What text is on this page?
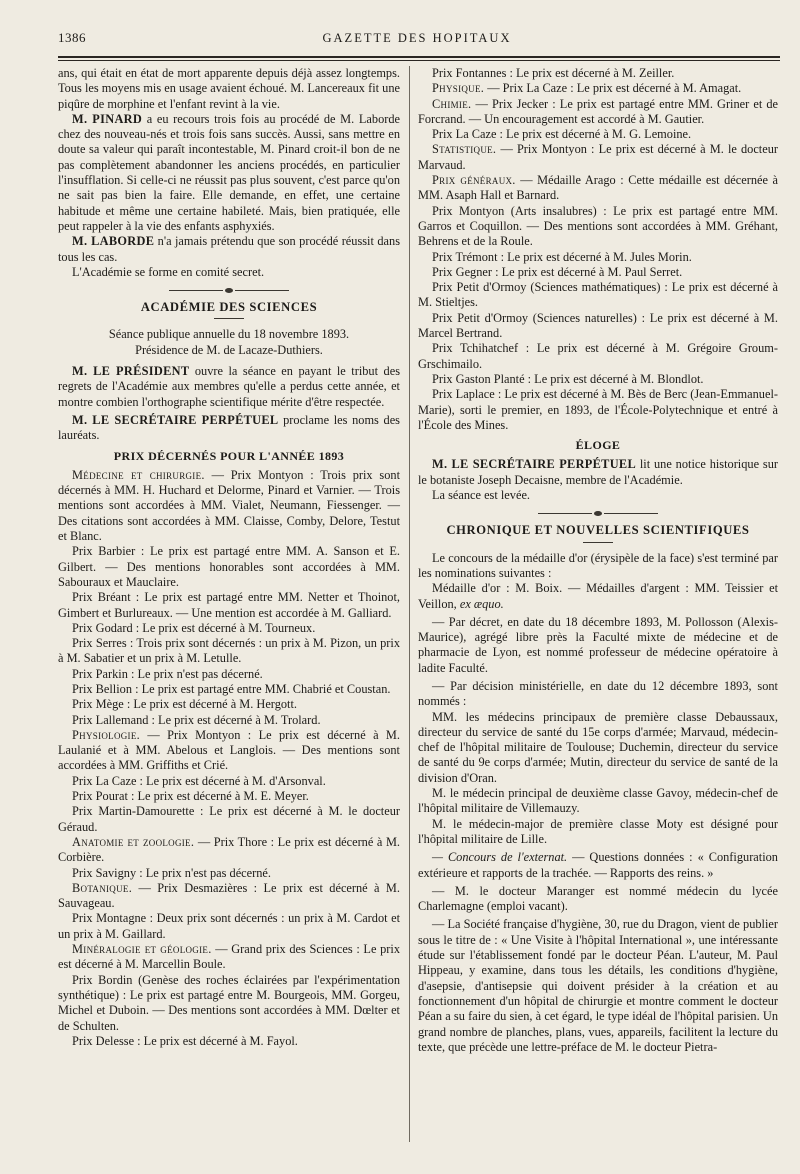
1386	GAZETTE DES HOPITAUX

ans, qui était en état de mort apparente depuis déjà assez longtemps. Tous les moyens mis en usage avaient échoué. M. Lancereaux fit une piqûre de morphine et l'enfant revint à la vie.

M. PINARD a eu recours trois fois au procédé de M. Laborde chez des nouveau-nés et trois fois sans succès. Aussi, sans mettre en doute sa valeur qui paraît incontestable, M. Pinard croit-il bon de ne pas complètement abandonner les anciens procédés, en particulier l'insufflation. Si celle-ci ne réussit pas plus souvent, c'est parce qu'on ne sait pas bien la faire. Elle demande, en effet, une certaine habitude et même une certaine habileté. Mais, bien pratiquée, elle peut rappeler à la vie des enfants asphyxiés.

M. LABORDE n'a jamais prétendu que son procédé réussit dans tous les cas.

L'Académie se forme en comité secret.

ACADÉMIE DES SCIENCES

Séance publique annuelle du 18 novembre 1893.

Présidence de M. de Lacaze-Duthiers.

M. LE PRÉSIDENT ouvre la séance en payant le tribut des regrets de l'Académie aux membres qu'elle a perdus cette année, et montre combien l'orthographe scientifique mérite d'être respectée.

M. LE SECRÉTAIRE PERPÉTUEL proclame les noms des lauréats.

PRIX DÉCERNÉS POUR L'ANNÉE 1893

Médecine et chirurgie. — Prix Montyon : Trois prix sont décernés à MM. H. Huchard et Delorme, Pinard et Varnier. — Trois mentions sont accordées à MM. Vialet, Neumann, Fiessenger. — Des citations sont accordées à MM. Claisse, Comby, Delore, Testut et Blanc.

Prix Barbier : Le prix est partagé entre MM. A. Sanson et E. Gilbert. — Des mentions honorables sont accordées à MM. Sabouraux et Mauclaire.

Prix Bréant : Le prix est partagé entre MM. Netter et Thoinot, Gimbert et Burlureaux. — Une mention est accordée à M. Galliard.

Prix Godard : Le prix est décerné à M. Tourneux.

Prix Serres : Trois prix sont décernés : un prix à M. Pizon, un prix à M. Sabatier et un prix à M. Letulle.

Prix Parkin : Le prix n'est pas décerné.

Prix Bellion : Le prix est partagé entre MM. Chabrié et Coustan.

Prix Mège : Le prix est décerné à M. Hergott.

Prix Lallemand : Le prix est décerné à M. Trolard.

Physiologie. — Prix Montyon : Le prix est décerné à M. Laulanié et à MM. Abelous et Langlois. — Des mentions sont accordées à MM. Griffiths et Crié.

Prix La Caze : Le prix est décerné à M. d'Arsonval.

Prix Pourat : Le prix est décerné à M. E. Meyer.

Prix Martin-Damourette : Le prix est décerné à M. le docteur Géraud.

Anatomie et zoologie. — Prix Thore : Le prix est décerné à M. Corbière.

Prix Savigny : Le prix n'est pas décerné.

Botanique. — Prix Desmazières : Le prix est décerné à M. Sauvageau.

Prix Montagne : Deux prix sont décernés : un prix à M. Cardot et un prix à M. Gaillard.

Minéralogie et géologie. — Grand prix des Sciences : Le prix est décerné à M. Marcellin Boule.

Prix Bordin (Genèse des roches éclairées par l'expérimentation synthétique) : Le prix est partagé entre M. Bourgeois, MM. Gorgeu, Michel et Duboin. — Des mentions sont accordées à MM. Dœlter et de Schulten.

Prix Delesse : Le prix est décerné à M. Fayol.

Prix Fontannes : Le prix est décerné à M. Zeiller.

Physique. — Prix La Caze : Le prix est décerné à M. Amagat.

Chimie. — Prix Jecker : Le prix est partagé entre MM. Griner et de Forcrand. — Un encouragement est accordé à M. Gautier.

Prix La Caze : Le prix est décerné à M. G. Lemoine.

Statistique. — Prix Montyon : Le prix est décerné à M. le docteur Marvaud.

Prix généraux. — Médaille Arago : Cette médaille est décernée à MM. Asaph Hall et Barnard.

Prix Montyon (Arts insalubres) : Le prix est partagé entre MM. Garros et Coquillon. — Des mentions sont accordées à MM. Gréhant, Behrens et de la Roule.

Prix Trémont : Le prix est décerné à M. Jules Morin.

Prix Gegner : Le prix est décerné à M. Paul Serret.

Prix Petit d'Ormoy (Sciences mathématiques) : Le prix est décerné à M. Stieltjes.

Prix Petit d'Ormoy (Sciences naturelles) : Le prix est décerné à M. Marcel Bertrand.

Prix Tchihatchef : Le prix est décerné à M. Grégoire Groum-Grschimailo.

Prix Gaston Planté : Le prix est décerné à M. Blondlot.

Prix Laplace : Le prix est décerné à M. Bès de Berc (Jean-Emmanuel-Marie), sorti le premier, en 1893, de l'École-Polytechnique et entré à l'École des Mines.

ÉLOGE

M. LE SECRÉTAIRE PERPÉTUEL lit une notice historique sur le botaniste Joseph Decaisne, membre de l'Académie.

La séance est levée.

CHRONIQUE ET NOUVELLES SCIENTIFIQUES

Le concours de la médaille d'or (érysipèle de la face) s'est terminé par les nominations suivantes :

Médaille d'or : M. Boix. — Médailles d'argent : MM. Teissier et Veillon, ex æquo.

— Par décret, en date du 18 décembre 1893, M. Pollosson (Alexis-Maurice), agrégé libre près la Faculté mixte de médecine et de pharmacie de Lyon, est nommé professeur de médecine opératoire à ladite Faculté.

— Par décision ministérielle, en date du 12 décembre 1893, sont nommés :

MM. les médecins principaux de première classe Debaussaux, directeur du service de santé du 15e corps d'armée; Marvaud, médecin-chef de l'hôpital militaire de Toulouse; Duchemin, directeur du service de santé du 9e corps d'armée; Mutin, directeur du service de santé de la division d'Oran.

M. le médecin principal de deuxième classe Gavoy, médecin-chef de l'hôpital militaire de Villemauzy.

M. le médecin-major de première classe Moty est désigné pour l'hôpital militaire de Lille.

— Concours de l'externat. — Questions données : « Configuration extérieure et rapports de la trachée. — Rapports des reins. »

— M. le docteur Maranger est nommé médecin du lycée Charlemagne (emploi vacant).

— La Société française d'hygiène, 30, rue du Dragon, vient de publier sous le titre de : « Une Visite à l'hôpital International », une intéressante étude sur l'établissement fondé par le docteur Péan. L'auteur, M. Paul Hippeau, y examine, dans tous les détails, les conditions d'hygiène, d'asepsie, d'antisepsie qui doivent présider à la création et au fonctionnement d'un hôpital de chirurgie et montre comment le docteur Péan a su faire du sien, à cet égard, le type idéal de l'hôpital parisien. Un grand nombre de planches, plans, vues, appareils, facilitent la lecture du texte, que précède une lettre-préface de M. le docteur Pietra-
